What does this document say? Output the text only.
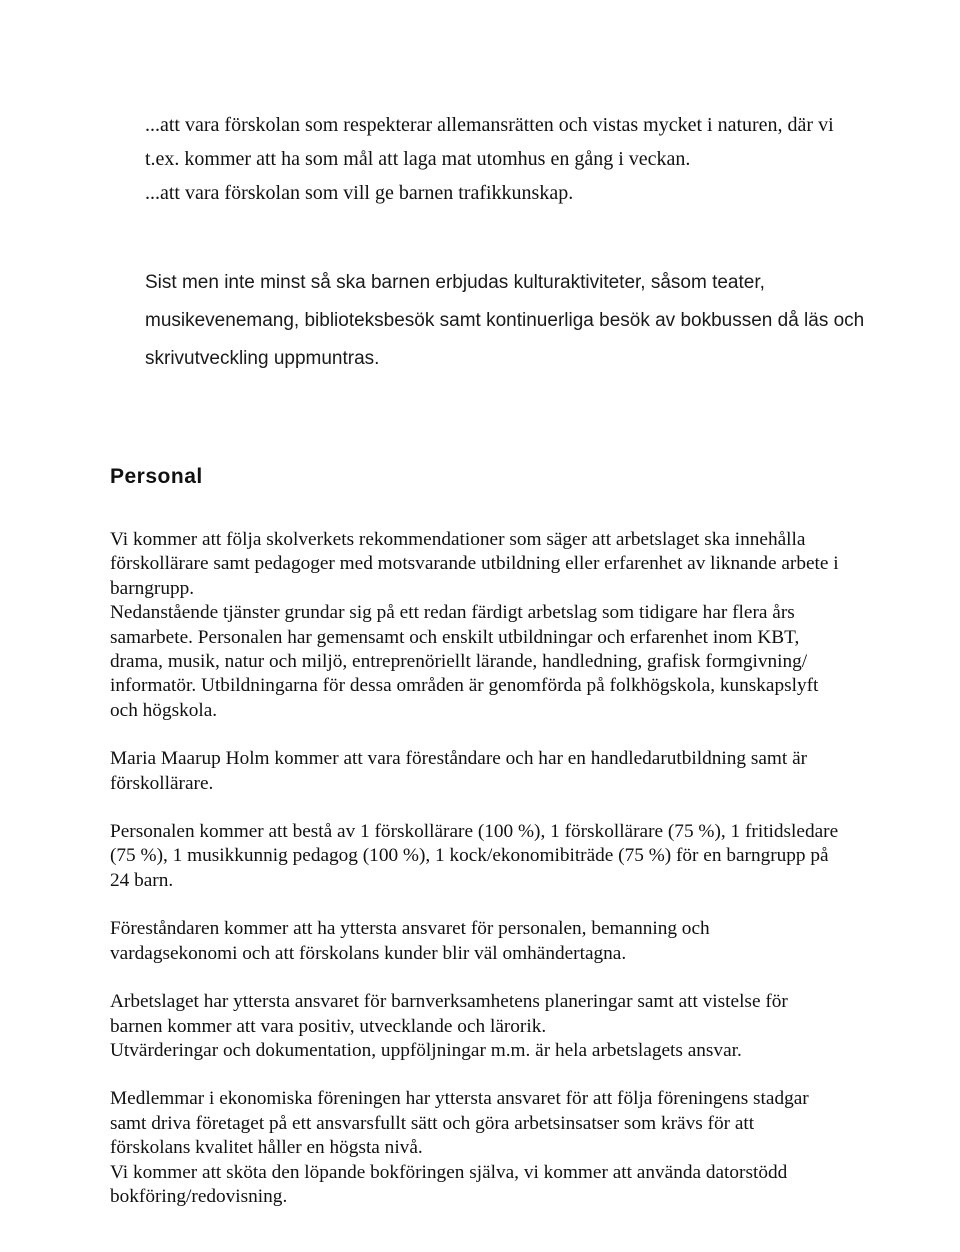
...att vara förskolan som respekterar allemansrätten och vistas mycket i naturen, där vi
t.ex. kommer att ha som mål att laga mat utomhus en gång i veckan.

...att vara förskolan som vill ge barnen trafikkunskap.

Sist men inte minst så ska barnen erbjudas kulturaktiviteter, såsom teater,
musikevenemang, biblioteksbesök samt kontinuerliga besök av bokbussen då läs och
skrivutveckling uppmuntras.
Personal

Vi kommer att följa skolverkets rekommendationer som säger att arbetslaget ska innehålla
förskollärare samt pedagoger med motsvarande utbildning eller erfarenhet av liknande arbete i
barngrupp.
Nedanstående tjänster grundar sig på ett redan färdigt arbetslag som tidigare har flera års
samarbete. Personalen har gemensamt och enskilt utbildningar och erfarenhet inom KBT,
drama, musik, natur och miljö, entreprenöriellt lärande, handledning, grafisk formgivning/
informatör. Utbildningarna för dessa områden är genomförda på folkhögskola, kunskapslyft
och högskola.

Maria Maarup Holm kommer att vara föreståndare och har en handledarutbildning samt är
förskollärare.

Personalen kommer att bestå av 1 förskollärare (100 %), 1 förskollärare (75 %), 1 fritidsledare
(75 %), 1 musikkunnig pedagog (100 %), 1 kock/ekonomibiträde (75 %) för en barngrupp på
24 barn.

Föreståndaren kommer att ha yttersta ansvaret för personalen, bemanning och
vardagsekonomi och att förskolans kunder blir väl omhändertagna.

Arbetslaget har yttersta ansvaret för barnverksamhetens planeringar samt att vistelse för
barnen kommer att vara positiv, utvecklande och lärorik.
Utvärderingar och dokumentation, uppföljningar m.m. är hela arbetslagets ansvar.

Medlemmar i ekonomiska föreningen har yttersta ansvaret för att följa föreningens stadgar
samt driva företaget på ett ansvarsfullt sätt och göra arbetsinsatser som krävs för att
förskolans kvalitet håller en högsta nivå.
Vi kommer att sköta den löpande bokföringen själva, vi kommer att använda datorstödd
bokföring/redovisning.
